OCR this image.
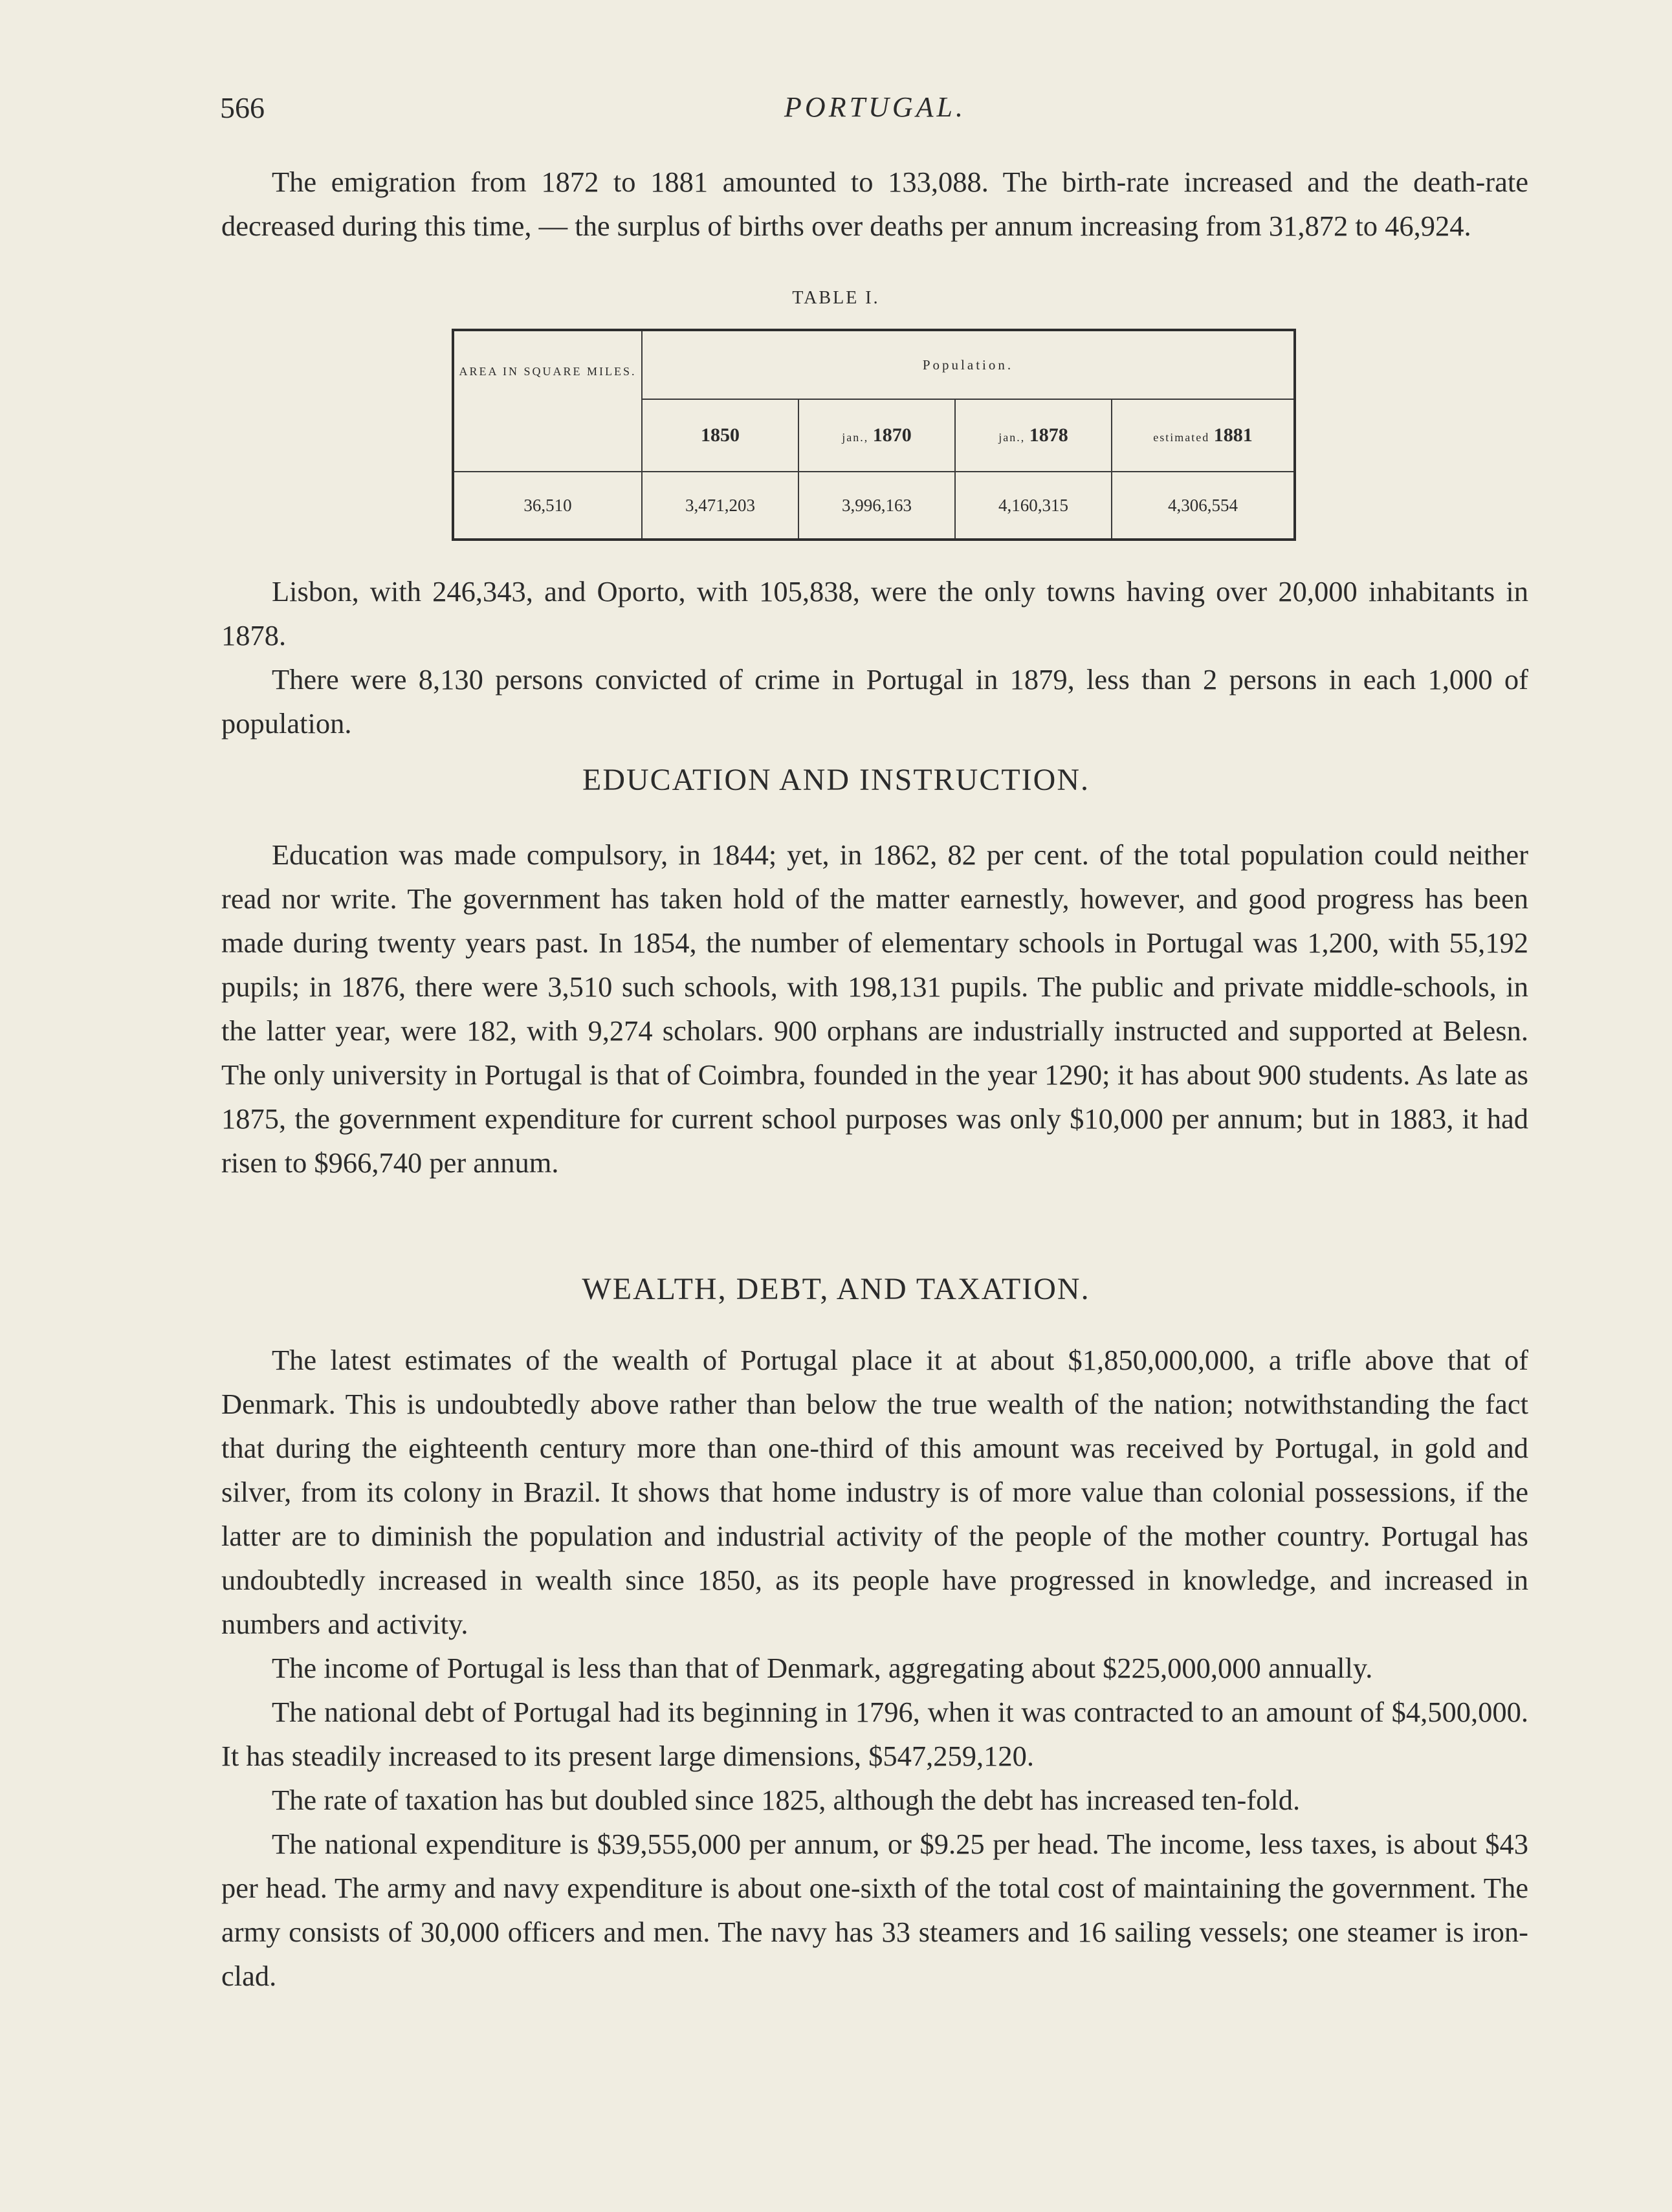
566	PORTUGAL.

The emigration from 1872 to 1881 amounted to 133,088. The birth-rate increased and the death-rate decreased during this time, — the surplus of births over deaths per annum increasing from 31,872 to 46,924.

TABLE I.
AREA IN SQUARE MILES.	Population.			
	1850	jan., 1870	jan., 1878	estimated 1881
36,510	3,471,203	3,996,163	4,160,315	4,306,554

Lisbon, with 246,343, and Oporto, with 105,838, were the only towns having over 20,000 inhabitants in 1878.

There were 8,130 persons convicted of crime in Portugal in 1879, less than 2 persons in each 1,000 of population.

EDUCATION AND INSTRUCTION.

Education was made compulsory, in 1844; yet, in 1862, 82 per cent. of the total population could neither read nor write. The government has taken hold of the matter earnestly, however, and good progress has been made during twenty years past. In 1854, the number of elementary schools in Portugal was 1,200, with 55,192 pupils; in 1876, there were 3,510 such schools, with 198,131 pupils. The public and private middle-schools, in the latter year, were 182, with 9,274 scholars. 900 orphans are industrially instructed and supported at Belesn. The only university in Portugal is that of Coimbra, founded in the year 1290; it has about 900 students. As late as 1875, the government expenditure for current school purposes was only $10,000 per annum; but in 1883, it had risen to $966,740 per annum.

WEALTH, DEBT, AND TAXATION.

The latest estimates of the wealth of Portugal place it at about $1,850,000,000, a trifle above that of Denmark. This is undoubtedly above rather than below the true wealth of the nation; notwithstanding the fact that during the eighteenth century more than one-third of this amount was received by Portugal, in gold and silver, from its colony in Brazil. It shows that home industry is of more value than colonial possessions, if the latter are to diminish the population and industrial activity of the people of the mother country. Portugal has undoubtedly increased in wealth since 1850, as its people have progressed in knowledge, and increased in numbers and activity.

The income of Portugal is less than that of Denmark, aggregating about $225,000,000 annually.

The national debt of Portugal had its beginning in 1796, when it was contracted to an amount of $4,500,000. It has steadily increased to its present large dimensions, $547,259,120.

The rate of taxation has but doubled since 1825, although the debt has increased ten-fold.

The national expenditure is $39,555,000 per annum, or $9.25 per head. The income, less taxes, is about $43 per head. The army and navy expenditure is about one-sixth of the total cost of maintaining the government. The army consists of 30,000 officers and men. The navy has 33 steamers and 16 sailing vessels; one steamer is iron-clad.
